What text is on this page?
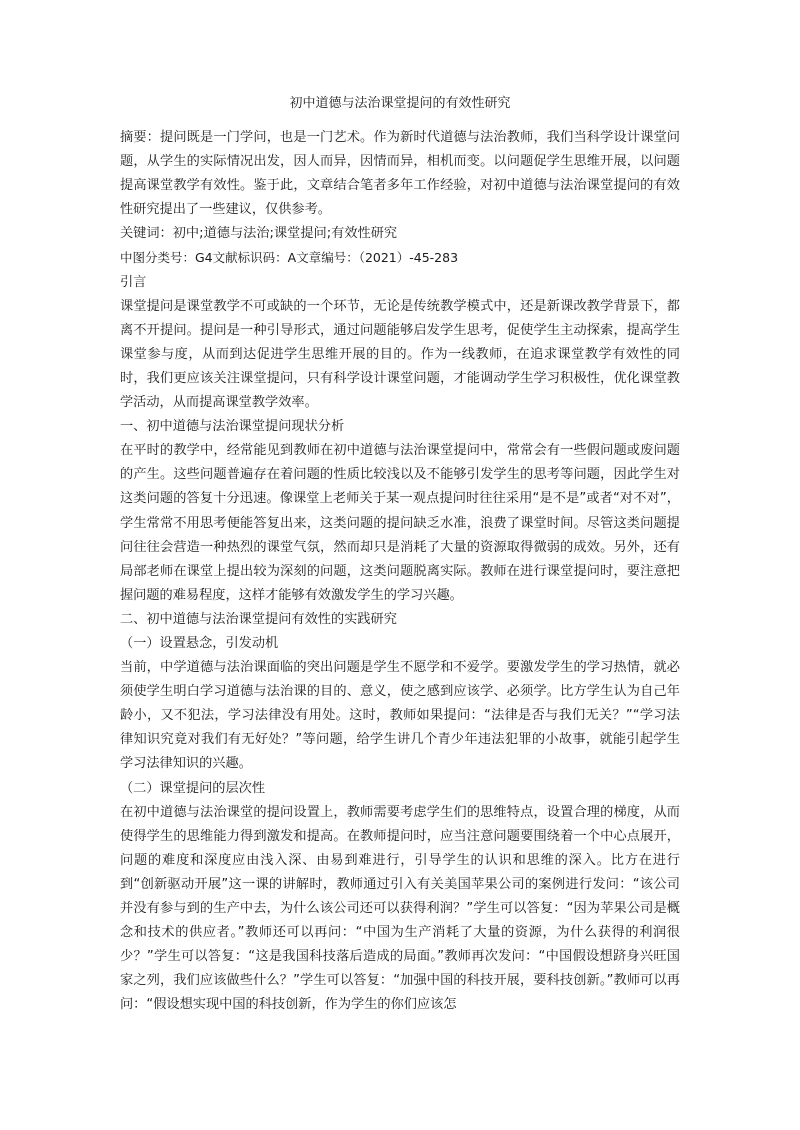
初中道德与法治课堂提问的有效性研究

摘要：提问既是一门学问，也是一门艺术。作为新时代道德与法治教师，我们当科学设计课堂问题，从学生的实际情况出发，因人而异，因情而异，相机而变。以问题促学生思维开展，以问题提高课堂教学有效性。鉴于此，文章结合笔者多年工作经验，对初中道德与法治课堂提问的有效性研究提出了一些建议，仅供参考。

关键词：初中;道德与法治;课堂提问;有效性研究

中图分类号：G4文献标识码：A文章编号：（2021）-45-283

引言

课堂提问是课堂教学不可或缺的一个环节，无论是传统教学模式中，还是新课改教学背景下，都离不开提问。提问是一种引导形式，通过问题能够启发学生思考，促使学生主动探索，提高学生课堂参与度，从而到达促进学生思维开展的目的。作为一线教师，在追求课堂教学有效性的同时，我们更应该关注课堂提问，只有科学设计课堂问题，才能调动学生学习积极性，优化课堂教学活动，从而提高课堂教学效率。

一、初中道德与法治课堂提问现状分析

在平时的教学中，经常能见到教师在初中道德与法治课堂提问中，常常会有一些假问题或废问题的产生。这些问题普遍存在着问题的性质比较浅以及不能够引发学生的思考等问题，因此学生对这类问题的答复十分迅速。像课堂上老师关于某一观点提问时往往采用“是不是”或者“对不对”，学生常常不用思考便能答复出来，这类问题的提问缺乏水准，浪费了课堂时间。尽管这类问题提问往往会营造一种热烈的课堂气氛，然而却只是消耗了大量的资源取得微弱的成效。另外，还有局部老师在课堂上提出较为深刻的问题，这类问题脱离实际。教师在进行课堂提问时，要注意把握问题的难易程度，这样才能够有效激发学生的学习兴趣。

二、初中道德与法治课堂提问有效性的实践研究

（一）设置悬念，引发动机

当前，中学道德与法治课面临的突出问题是学生不愿学和不爱学。要激发学生的学习热情，就必须使学生明白学习道德与法治课的目的、意义，使之感到应该学、必须学。比方学生认为自己年龄小，又不犯法，学习法律没有用处。这时，教师如果提问：“法律是否与我们无关？”“学习法律知识究竟对我们有无好处？”等问题，给学生讲几个青少年违法犯罪的小故事，就能引起学生学习法律知识的兴趣。

（二）课堂提问的层次性

在初中道德与法治课堂的提问设置上，教师需要考虑学生们的思维特点，设置合理的梯度，从而使得学生的思维能力得到激发和提高。在教师提问时，应当注意问题要围绕着一个中心点展开，问题的难度和深度应由浅入深、由易到难进行，引导学生的认识和思维的深入。比方在进行到“创新驱动开展”这一课的讲解时，教师通过引入有关美国苹果公司的案例进行发问：“该公司并没有参与到的生产中去，为什么该公司还可以获得利润？”学生可以答复：“因为苹果公司是概念和技术的供应者。”教师还可以再问：“中国为生产消耗了大量的资源，为什么获得的利润很少？”学生可以答复：“这是我国科技落后造成的局面。”教师再次发问：“中国假设想跻身兴旺国家之列，我们应该做些什么？”学生可以答复：“加强中国的科技开展，要科技创新。”教师可以再问：“假设想实现中国的科技创新，作为学生的你们应该怎
